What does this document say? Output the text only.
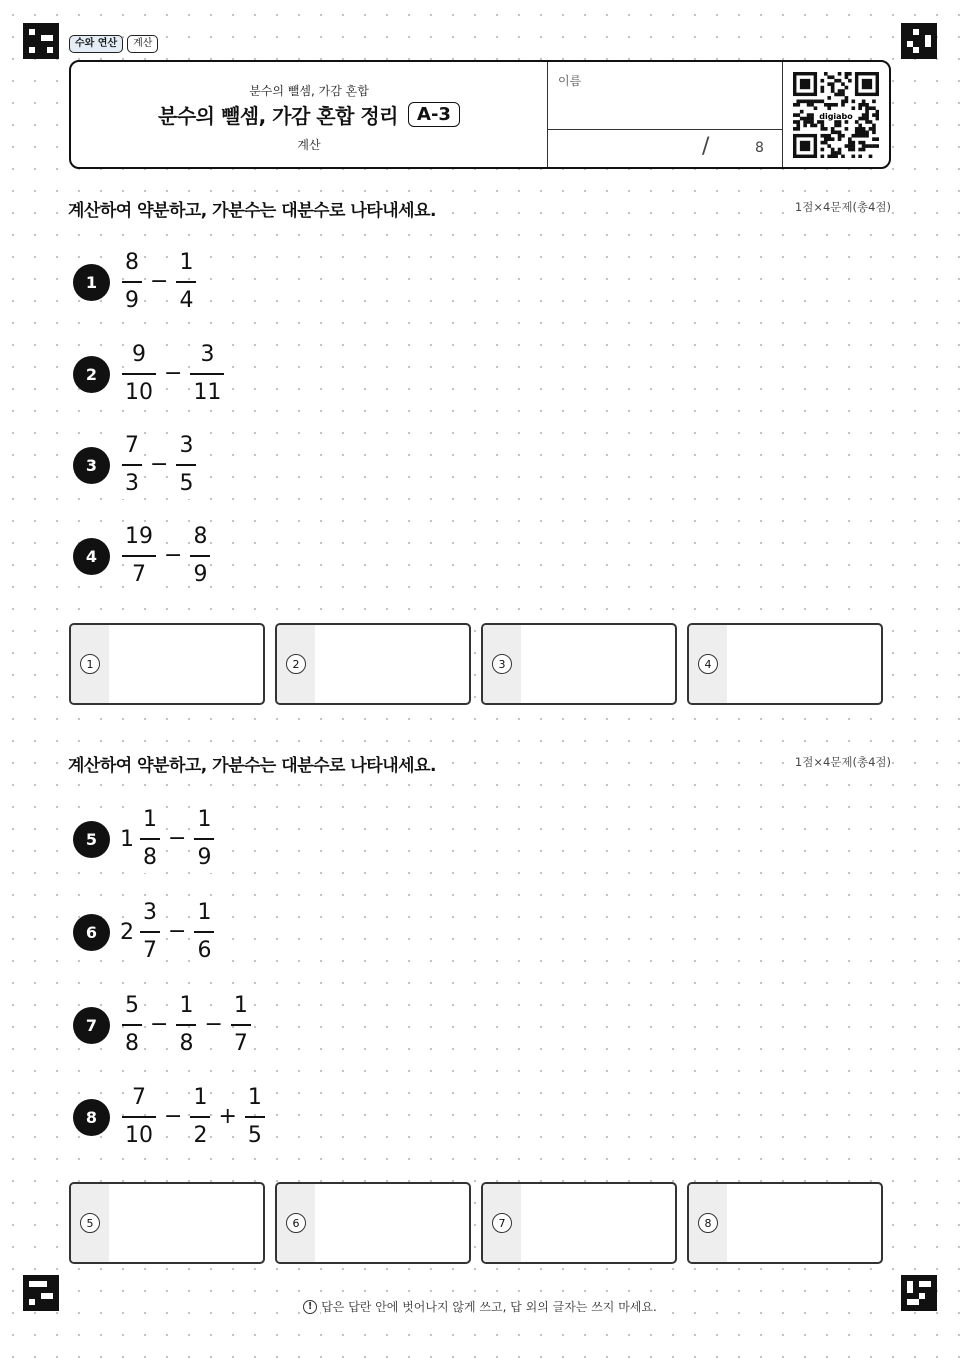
수와 연산	계산
분수의 뺄셈, 가감 혼합
분수의 뺄셈, 가감 혼합 정리	A-3
계산
이름
/	8
digiabo
계산하여 약분하고, 가분수는 대분수로 나타내세요.	1점×4문제(총4점)
1	$\frac{8}{9} - \frac{1}{4}$
2	$\frac{9}{10} - \frac{3}{11}$
3	$\frac{7}{3} - \frac{3}{5}$
4	$\frac{19}{7} - \frac{8}{9}$
1	2	3	4
계산하여 약분하고, 가분수는 대분수로 나타내세요.	1점×4문제(총4점)
5	$1 \frac{1}{8} - \frac{1}{9}$
6	$2 \frac{3}{7} - \frac{1}{6}$
7	$\frac{5}{8} - \frac{1}{8} - \frac{1}{7}$
8	$\frac{7}{10} - \frac{1}{2} + \frac{1}{5}$
5	6	7	8
! 답은 답란 안에 벗어나지 않게 쓰고, 답 외의 글자는 쓰지 마세요.
